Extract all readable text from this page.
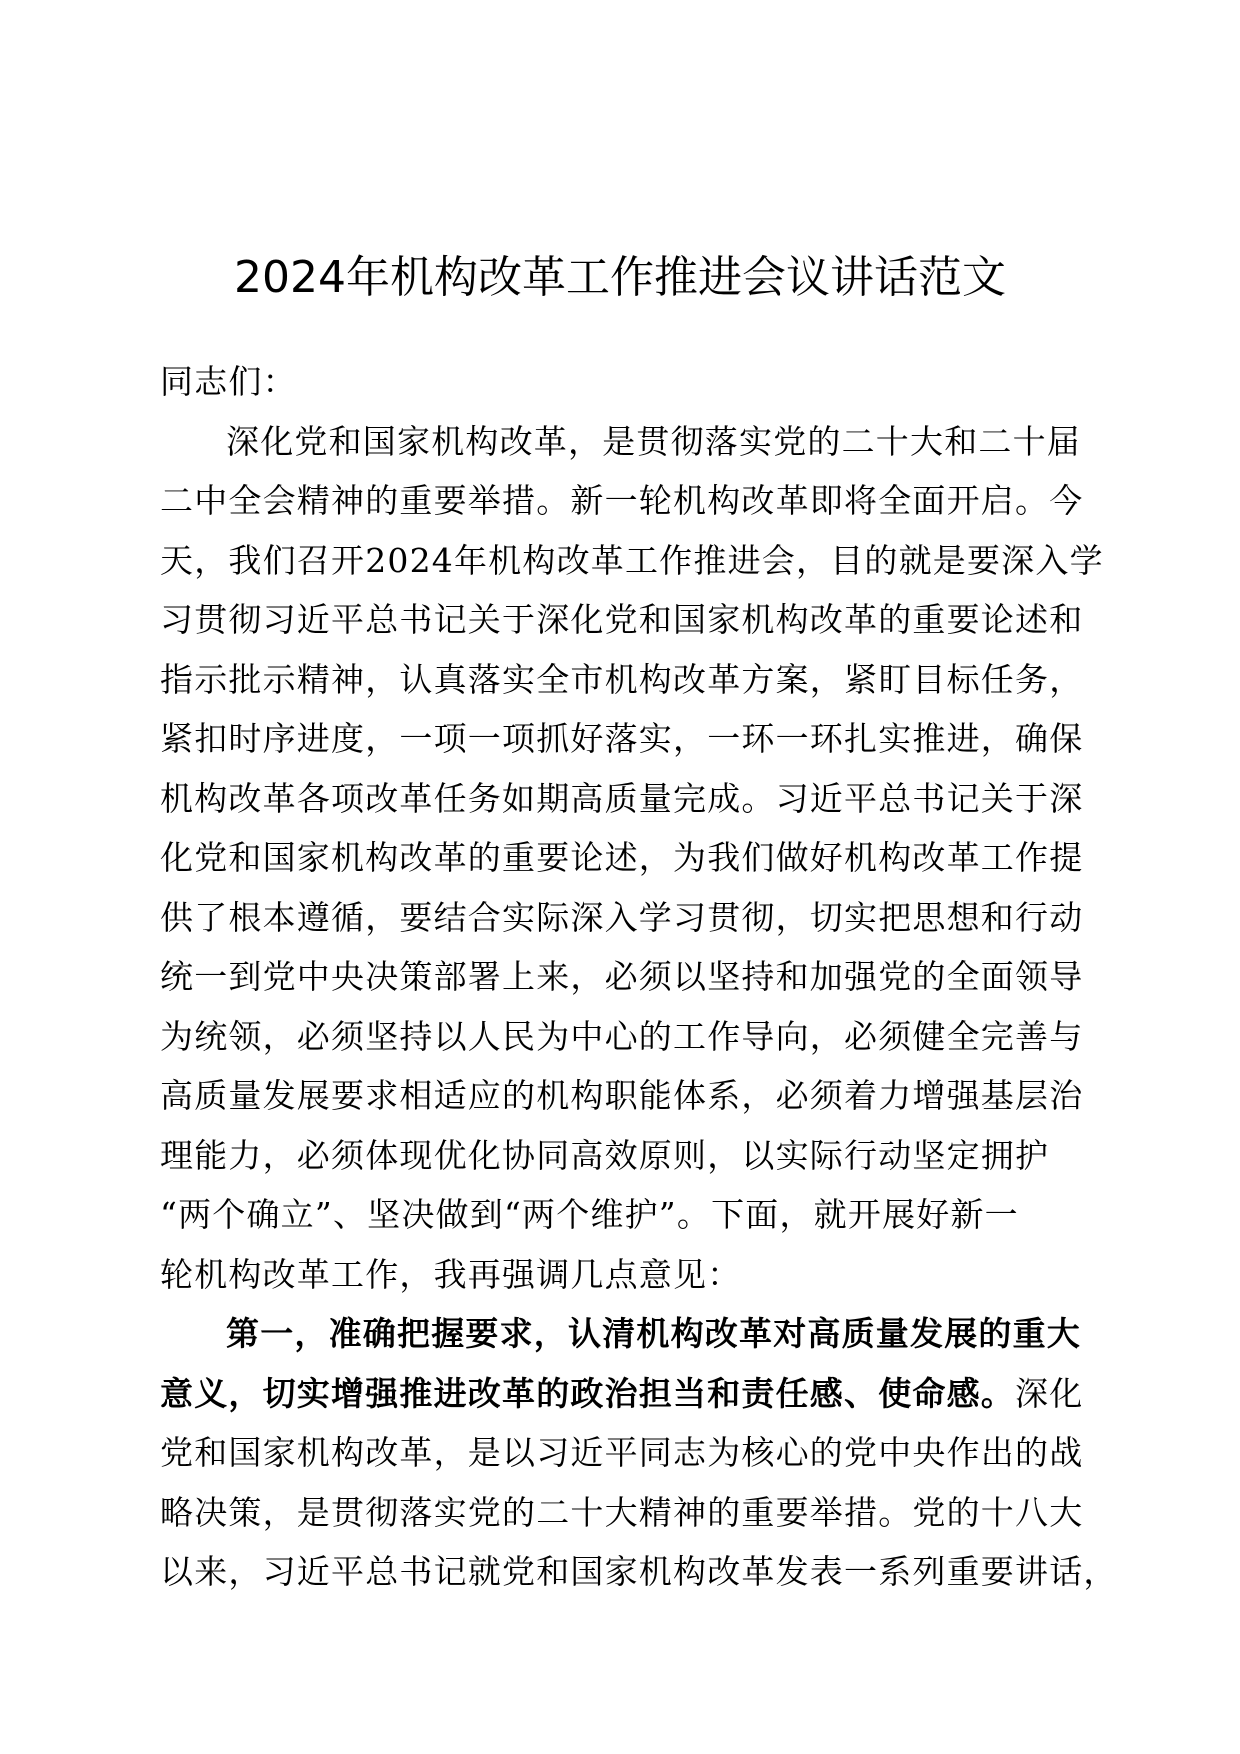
2024年机构改革工作推进会议讲话范文
同志们：
深化党和国家机构改革，是贯彻落实党的二十大和二十届
二中全会精神的重要举措。新一轮机构改革即将全面开启。今
天，我们召开2024年机构改革工作推进会，目的就是要深入学
习贯彻习近平总书记关于深化党和国家机构改革的重要论述和
指示批示精神，认真落实全市机构改革方案，紧盯目标任务，
紧扣时序进度，一项一项抓好落实，一环一环扎实推进，确保
机构改革各项改革任务如期高质量完成。习近平总书记关于深
化党和国家机构改革的重要论述，为我们做好机构改革工作提
供了根本遵循，要结合实际深入学习贯彻，切实把思想和行动
统一到党中央决策部署上来，必须以坚持和加强党的全面领导
为统领，必须坚持以人民为中心的工作导向，必须健全完善与
高质量发展要求相适应的机构职能体系，必须着力增强基层治
理能力，必须体现优化协同高效原则，以实际行动坚定拥护
“两个确立”、坚决做到“两个维护”。下面，就开展好新一
轮机构改革工作，我再强调几点意见：
第一，准确把握要求，认清机构改革对高质量发展的重大
意义，切实增强推进改革的政治担当和责任感、使命感。深化
党和国家机构改革，是以习近平同志为核心的党中央作出的战
略决策，是贯彻落实党的二十大精神的重要举措。党的十八大
以来，习近平总书记就党和国家机构改革发表一系列重要讲话，
